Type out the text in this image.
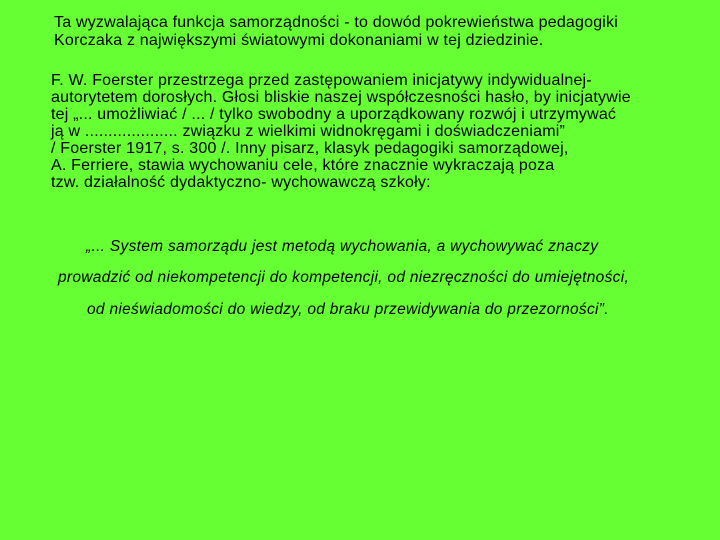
Ta wyzwalająca funkcja samorządności - to dowód pokrewieństwa pedagogiki
Korczaka z największymi światowymi dokonaniami w tej dziedzinie.
F. W. Foerster przestrzega przed zastępowaniem inicjatywy indywidualnej-
autorytetem dorosłych. Głosi bliskie naszej współczesności hasło, by inicjatywie
tej „... umożliwiać / ... / tylko swobodny a uporządkowany rozwój i utrzymywać
ją w .................... związku z wielkimi widnokręgami i doświadczeniami”
/ Foerster 1917, s. 300 /. Inny pisarz, klasyk pedagogiki samorządowej,
A. Ferriere, stawia wychowaniu cele, które znacznie wykraczają poza
tzw. działalność dydaktyczno- wychowawczą szkoły:
„... System samorządu jest metodą wychowania, a wychowywać znaczy
prowadzić od niekompetencji do kompetencji, od niezręczności do umiejętności,
od nieświadomości do wiedzy, od braku przewidywania do przezorności”.
